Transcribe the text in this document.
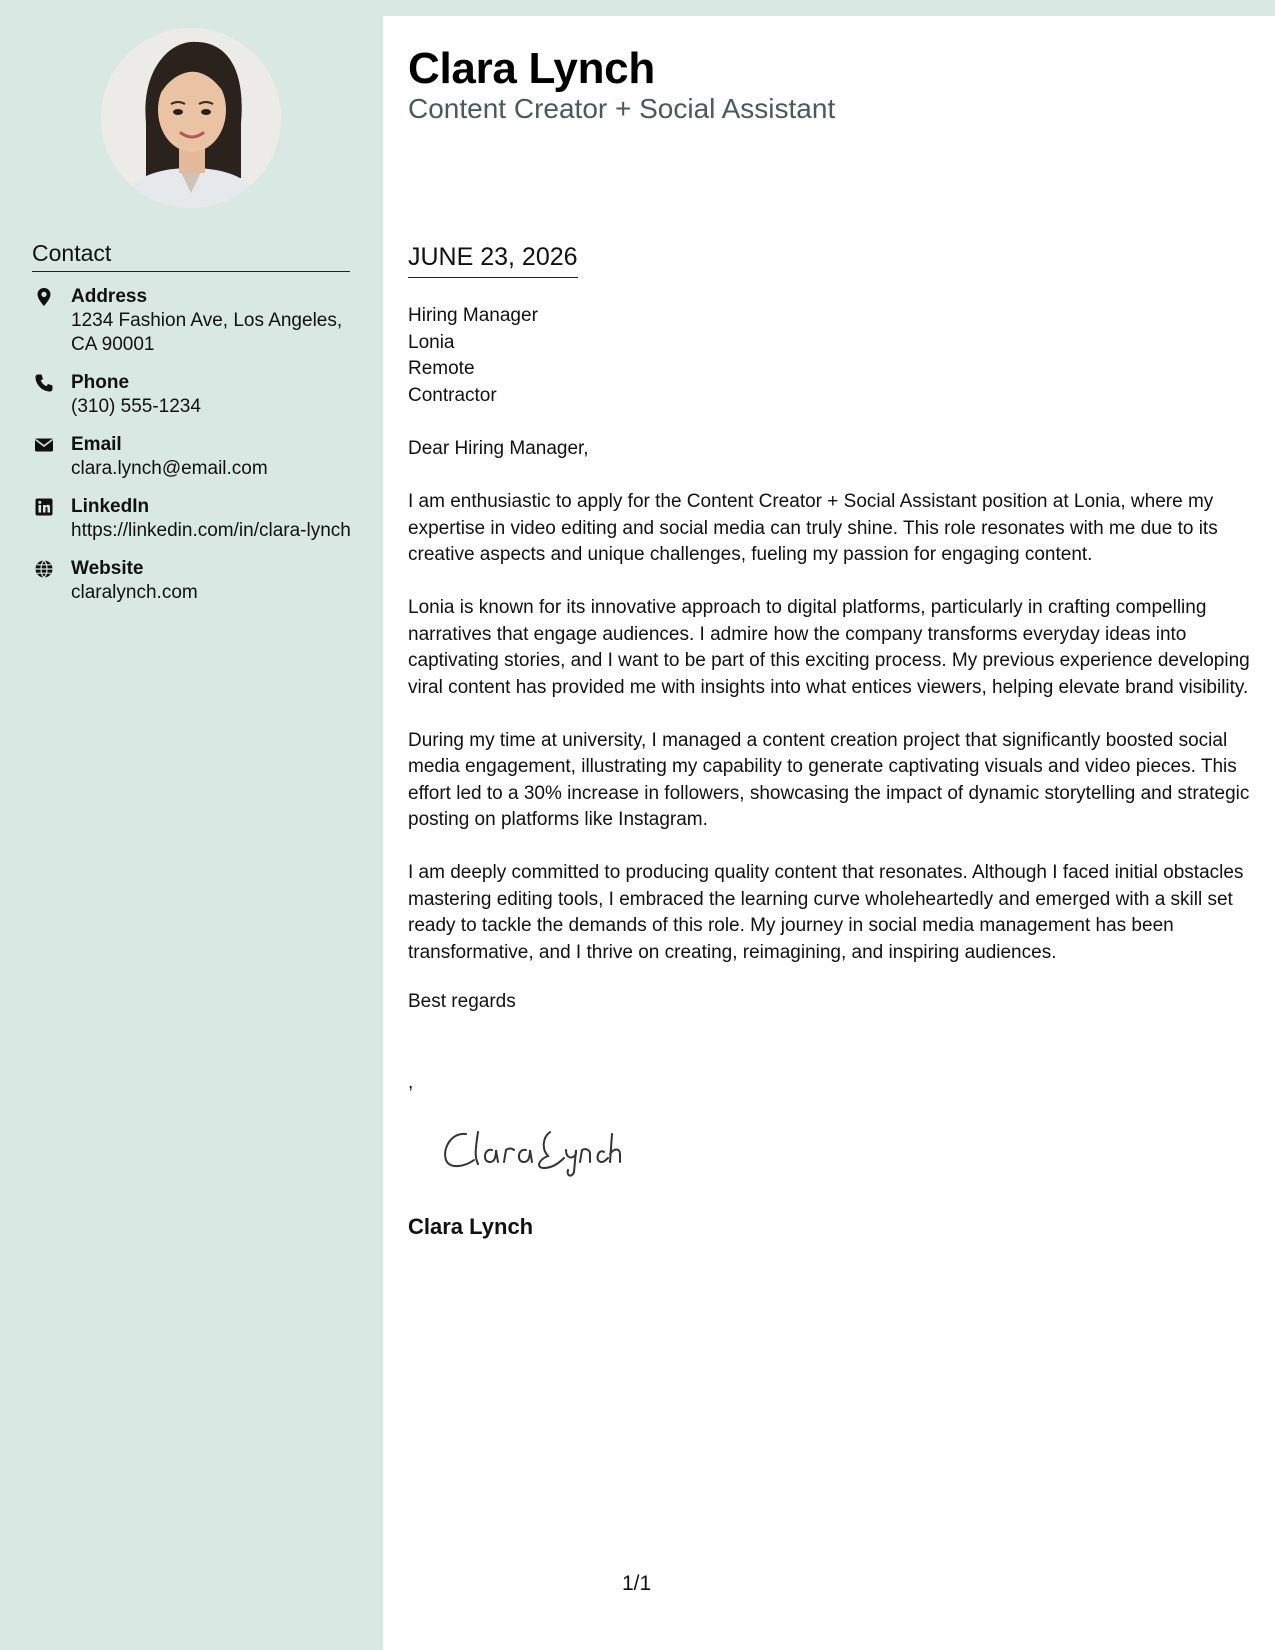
Contact
Address
1234 Fashion Ave, Los Angeles, CA 90001
Phone
(310) 555-1234
Email
clara.lynch@email.com
LinkedIn
https://linkedin.com/in/clara-lynch
Website
claralynch.com
Clara Lynch
Content Creator + Social Assistant
JUNE 23, 2026
Hiring Manager
Lonia
Remote
Contractor

Dear Hiring Manager,

I am enthusiastic to apply for the Content Creator + Social Assistant position at Lonia, where my expertise in video editing and social media can truly shine. This role resonates with me due to its creative aspects and unique challenges, fueling my passion for engaging content.

Lonia is known for its innovative approach to digital platforms, particularly in crafting compelling narratives that engage audiences. I admire how the company transforms everyday ideas into captivating stories, and I want to be part of this exciting process. My previous experience developing viral content has provided me with insights into what entices viewers, helping elevate brand visibility.

During my time at university, I managed a content creation project that significantly boosted social media engagement, illustrating my capability to generate captivating visuals and video pieces. This effort led to a 30% increase in followers, showcasing the impact of dynamic storytelling and strategic posting on platforms like Instagram.

I am deeply committed to producing quality content that resonates. Although I faced initial obstacles mastering editing tools, I embraced the learning curve wholeheartedly and emerged with a skill set ready to tackle the demands of this role. My journey in social media management has been transformative, and I thrive on creating, reimagining, and inspiring audiences.

Best regards
,
Clara Lynch
1/1
